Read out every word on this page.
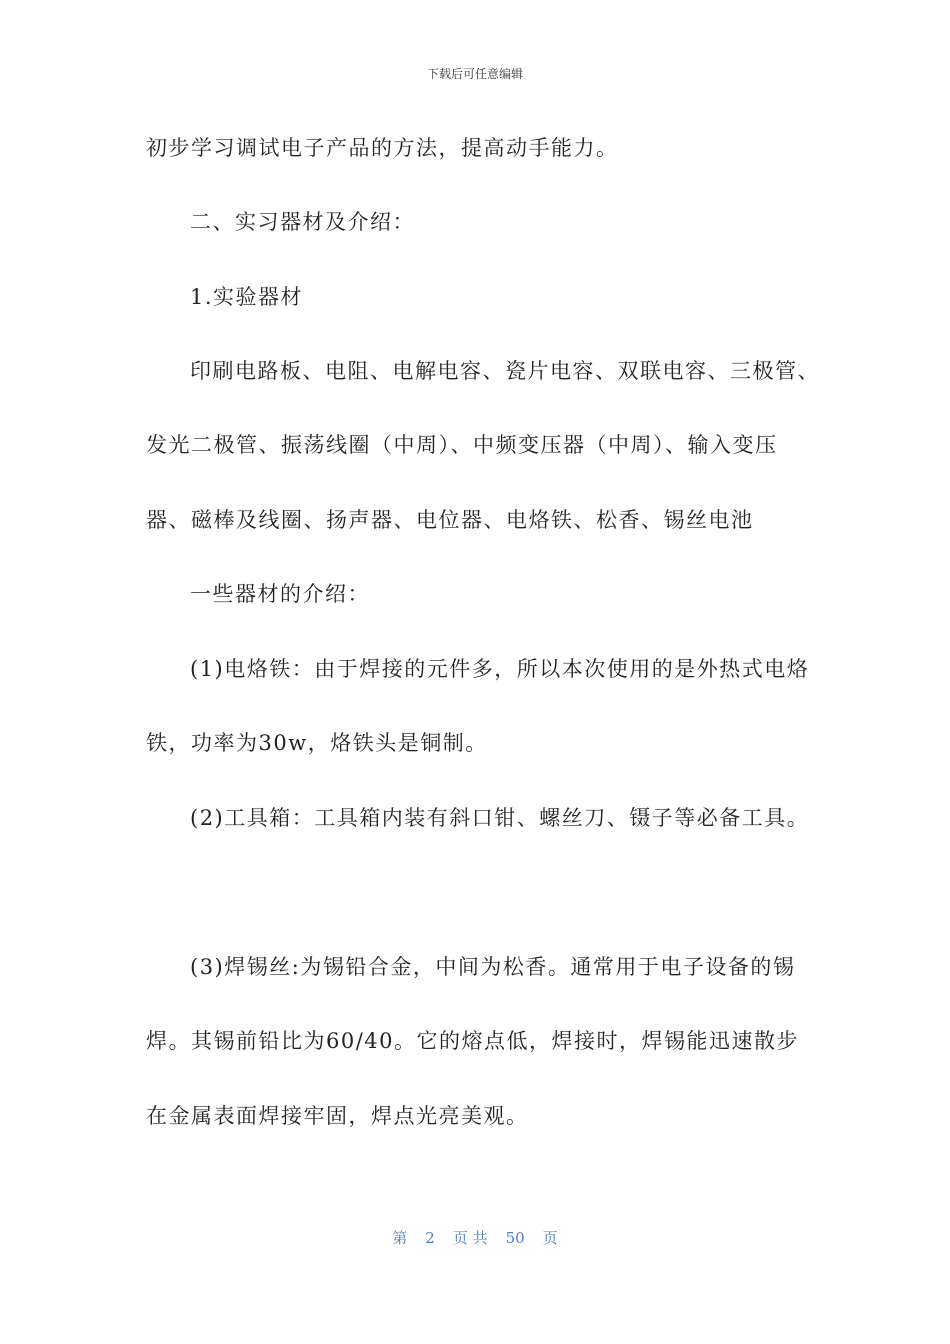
下载后可任意编辑
初步学习调试电子产品的方法，提高动手能力。
二、实习器材及介绍：
1.实验器材
印刷电路板、电阻、电解电容、瓷片电容、双联电容、三极管、
发光二极管、振荡线圈（中周）、中频变压器（中周）、输入变压
器、磁棒及线圈、扬声器、电位器、电烙铁、松香、锡丝电池
一些器材的介绍：
(1)电烙铁：由于焊接的元件多，所以本次使用的是外热式电烙
铁，功率为30w，烙铁头是铜制。
(2)工具箱：工具箱内装有斜口钳、螺丝刀、镊子等必备工具。
(3)焊锡丝:为锡铅合金，中间为松香。通常用于电子设备的锡
焊。其锡前铅比为60/40。它的熔点低，焊接时，焊锡能迅速散步
在金属表面焊接牢固，焊点光亮美观。
第 2 页 共 50 页
